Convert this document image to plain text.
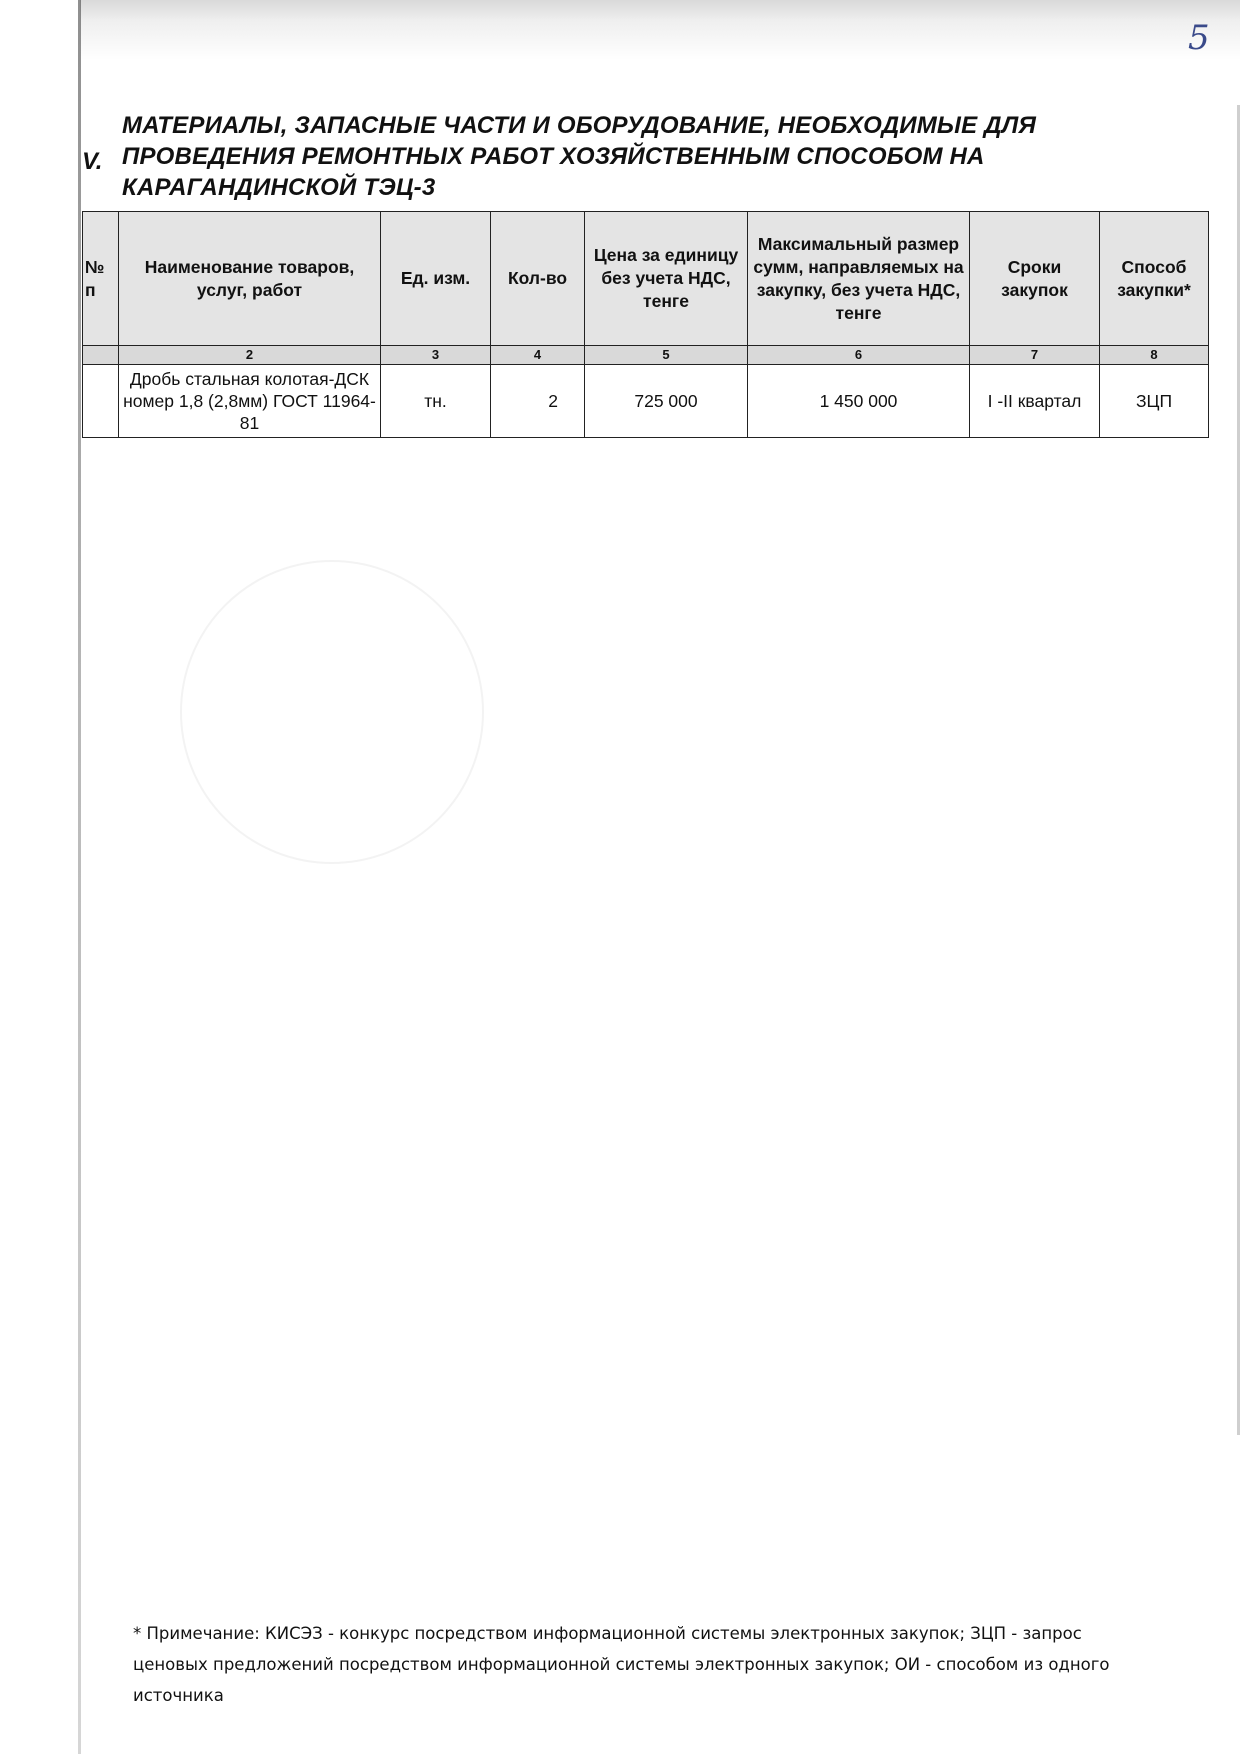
5
V.
МАТЕРИАЛЫ, ЗАПАСНЫЕ ЧАСТИ И ОБОРУДОВАНИЕ, НЕОБХОДИМЫЕ ДЛЯ ПРОВЕДЕНИЯ РЕМОНТНЫХ РАБОТ ХОЗЯЙСТВЕННЫМ СПОСОБОМ НА КАРАГАНДИНСКОЙ ТЭЦ-3
№ п	Наименование товаров, услуг, работ	Ед. изм.	Кол-во	Цена за единицу без учета НДС, тенге	Максимальный размер сумм, направляемых на закупку, без учета НДС, тенге	Сроки закупок	Способ закупки*
	2	3	4	5	6	7	8
	Дробь стальная колотая-ДСК номер 1,8 (2,8мм) ГОСТ 11964-81	тн.	2	725 000	1 450 000	I -II квартал	ЗЦП

* Примечание: КИСЭЗ - конкурс посредством информационной системы электронных закупок; ЗЦП - запрос ценовых предложений посредством информационной системы электронных закупок; ОИ - способом из одного источника
